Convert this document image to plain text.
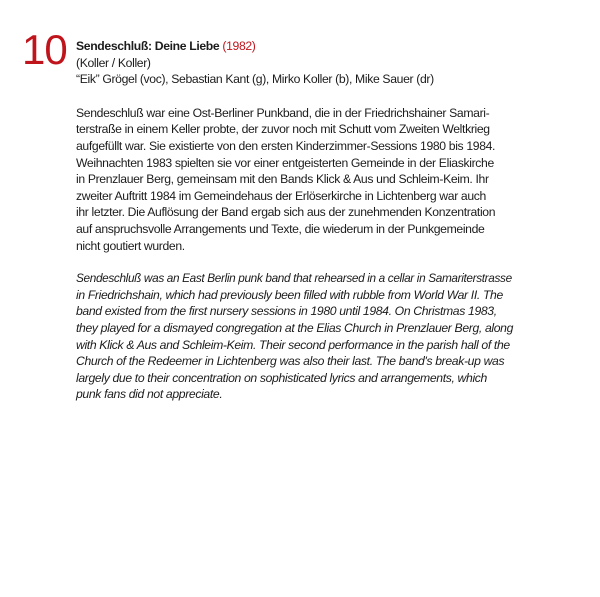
10 Sendeschluß: Deine Liebe (1982)
(Koller / Koller)
“Eik” Grögel (voc), Sebastian Kant (g), Mirko Koller (b), Mike Sauer (dr)

Sendeschluß war eine Ost-Berliner Punkband, die in der Friedrichshainer Samari-
terstraße in einem Keller probte, der zuvor noch mit Schutt vom Zweiten Weltkrieg
aufgefüllt war. Sie existierte von den ersten Kinderzimmer-Sessions 1980 bis 1984.
Weihnachten 1983 spielten sie vor einer entgeisterten Gemeinde in der Eliaskirche
in Prenzlauer Berg, gemeinsam mit den Bands Klick & Aus und Schleim-Keim. Ihr
zweiter Auftritt 1984 im Gemeindehaus der Erlöserkirche in Lichtenberg war auch
ihr letzter. Die Auflösung der Band ergab sich aus der zunehmenden Konzentration
auf anspruchsvolle Arrangements und Texte, die wiederum in der Punkgemeinde
nicht goutiert wurden.

Sendeschluß was an East Berlin punk band that rehearsed in a cellar in Samariterstrasse
in Friedrichshain, which had previously been filled with rubble from World War II. The
band existed from the first nursery sessions in 1980 until 1984. On Christmas 1983,
they played for a dismayed congregation at the Elias Church in Prenzlauer Berg, along
with Klick & Aus and Schleim-Keim. Their second performance in the parish hall of the
Church of the Redeemer in Lichtenberg was also their last. The band's break-up was
largely due to their concentration on sophisticated lyrics and arrangements, which
punk fans did not appreciate.
